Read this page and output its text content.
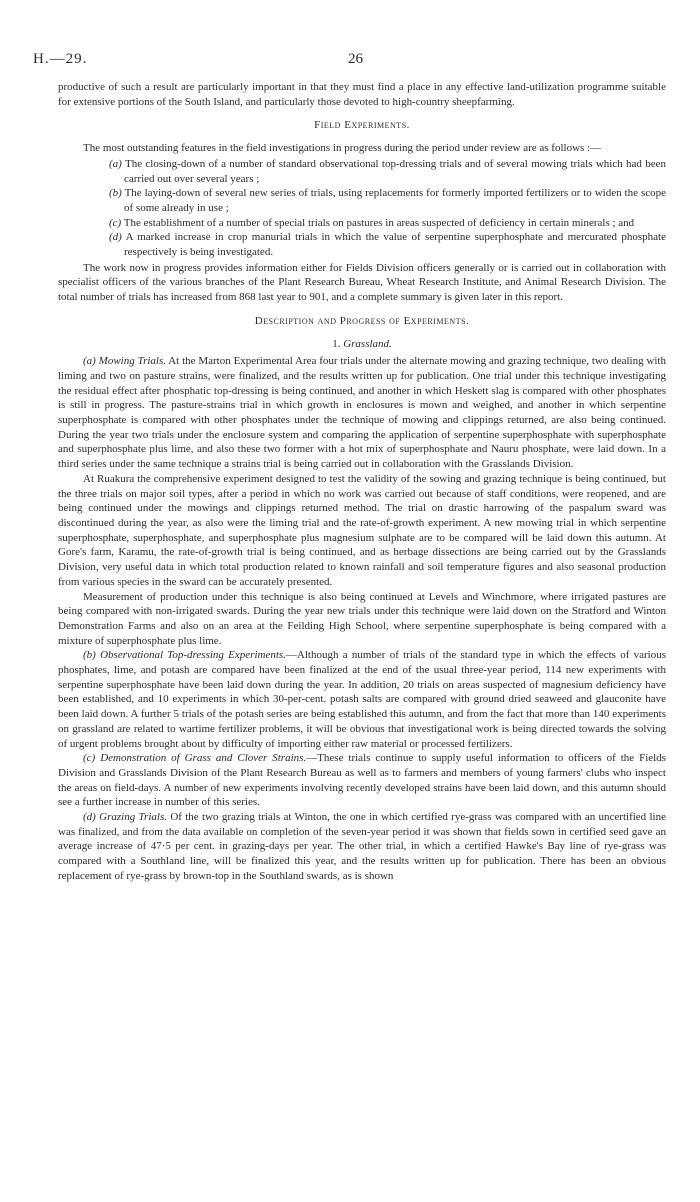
H.—29.	26

productive of such a result are particularly important in that they must find a place in any effective land-utilization programme suitable for extensive portions of the South Island, and particularly those devoted to high-country sheepfarming.

Field Experiments.

The most outstanding features in the field investigations in progress during the period under review are as follows :—

(a) The closing-down of a number of standard observational top-dressing trials and of several mowing trials which had been carried out over several years ;
(b) The laying-down of several new series of trials, using replacements for formerly imported fertilizers or to widen the scope of some already in use ;
(c) The establishment of a number of special trials on pastures in areas suspected of deficiency in certain minerals ; and
(d) A marked increase in crop manurial trials in which the value of serpentine superphosphate and mercurated phosphate respectively is being investigated.

The work now in progress provides information either for Fields Division officers generally or is carried out in collaboration with specialist officers of the various branches of the Plant Research Bureau, Wheat Research Institute, and Animal Research Division. The total number of trials has increased from 868 last year to 901, and a complete summary is given later in this report.

Description and Progress of Experiments.
1. Grassland.

(a) Mowing Trials. At the Marton Experimental Area four trials under the alternate mowing and grazing technique, two dealing with liming and two on pasture strains, were finalized, and the results written up for publication. One trial under this technique investigating the residual effect after phosphatic top-dressing is being continued, and another in which Heskett slag is compared with other phosphates is still in progress. The pasture-strains trial in which growth in enclosures is mown and weighed, and another in which serpentine superphosphate is compared with other phosphates under the technique of mowing and clippings returned, are also being continued. During the year two trials under the enclosure system and comparing the application of serpentine superphosphate with superphosphate and superphosphate plus lime, and also these two former with a hot mix of superphosphate and Nauru phosphate, were laid down. In a third series under the same technique a strains trial is being carried out in collaboration with the Grasslands Division.

At Ruakura the comprehensive experiment designed to test the validity of the sowing and grazing technique is being continued, but the three trials on major soil types, after a period in which no work was carried out because of staff conditions, were reopened, and are being continued under the mowings and clippings returned method. The trial on drastic harrowing of the paspalum sward was discontinued during the year, as also were the liming trial and the rate-of-growth experiment. A new mowing trial in which serpentine superphosphate, superphosphate, and superphosphate plus magnesium sulphate are to be compared will be laid down this autumn. At Gore's farm, Karamu, the rate-of-growth trial is being continued, and as herbage dissections are being carried out by the Grasslands Division, very useful data in which total production related to known rainfall and soil temperature figures and also seasonal production from various species in the sward can be accurately presented.

Measurement of production under this technique is also being continued at Levels and Winchmore, where irrigated pastures are being compared with non-irrigated swards. During the year new trials under this technique were laid down on the Stratford and Winton Demonstration Farms and also on an area at the Feilding High School, where serpentine superphosphate is being compared with a mixture of superphosphate plus lime.

(b) Observational Top-dressing Experiments.—Although a number of trials of the standard type in which the effects of various phosphates, lime, and potash are compared have been finalized at the end of the usual three-year period, 114 new experiments with serpentine superphosphate have been laid down during the year. In addition, 20 trials on areas suspected of magnesium deficiency have been established, and 10 experiments in which 30-per-cent. potash salts are compared with ground dried seaweed and glauconite have been laid down. A further 5 trials of the potash series are being established this autumn, and from the fact that more than 140 experiments on grassland are related to wartime fertilizer problems, it will be obvious that investigational work is being directed towards the solving of urgent problems brought about by difficulty of importing either raw material or processed fertilizers.

(c) Demonstration of Grass and Clover Strains.—These trials continue to supply useful information to officers of the Fields Division and Grasslands Division of the Plant Research Bureau as well as to farmers and members of young farmers' clubs who inspect the areas on field-days. A number of new experiments involving recently developed strains have been laid down, and this autumn should see a further increase in number of this series.

(d) Grazing Trials. Of the two grazing trials at Winton, the one in which certified rye-grass was compared with an uncertified line was finalized, and from the data available on completion of the seven-year period it was shown that fields sown in certified seed gave an average increase of 47·5 per cent. in grazing-days per year. The other trial, in which a certified Hawke's Bay line of rye-grass was compared with a Southland line, will be finalized this year, and the results written up for publication. There has been an obvious replacement of rye-grass by brown-top in the Southland swards, as is shown
